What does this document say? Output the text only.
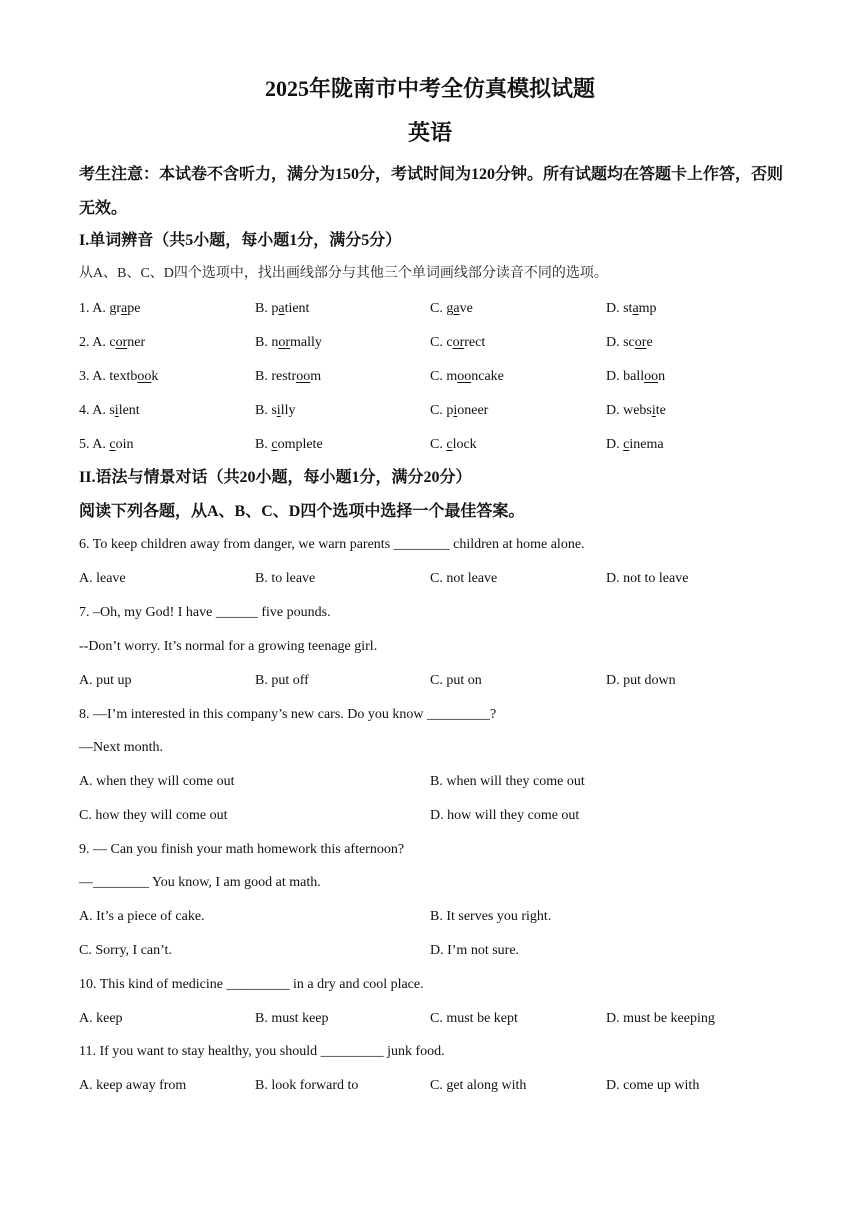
2025年陇南市中考全仿真模拟试题
英语
考生注意：本试卷不含听力，满分为150分，考试时间为120分钟。所有试题均在答题卡上作答，否则无效。
I.单词辨音（共5小题，每小题1分，满分5分）
从A、B、C、D四个选项中，找出画线部分与其他三个单词画线部分读音不同的选项。
1. A. grape	B. patient	C. gave	D. stamp
2. A. corner	B. normally	C. correct	D. score
3. A. textbook	B. restroom	C. mooncake	D. balloon
4. A. silent	B. silly	C. pioneer	D. website
5. A. coin	B. complete	C. clock	D. cinema
II.语法与情景对话（共20小题，每小题1分，满分20分）
阅读下列各题，从A、B、C、D四个选项中选择一个最佳答案。
6. To keep children away from danger, we warn parents ________ children at home alone.
A. leave	B. to leave	C. not leave	D. not to leave
7. –Oh, my God! I have ______ five pounds.
--Don’t worry. It’s normal for a growing teenage girl.
A. put up	B. put off	C. put on	D. put down
8. —I’m interested in this company’s new cars. Do you know _________?
—Next month.
A. when they will come out	B. when will they come out
C. how they will come out	D. how will they come out
9. — Can you finish your math homework this afternoon?
—________ You know, I am good at math.
A. It’s a piece of cake.	B. It serves you right.
C. Sorry, I can’t.	D. I’m not sure.
10. This kind of medicine _________ in a dry and cool place.
A. keep	B. must keep	C. must be kept	D. must be keeping
11. If you want to stay healthy, you should _________ junk food.
A. keep away from	B. look forward to	C. get along with	D. come up with
